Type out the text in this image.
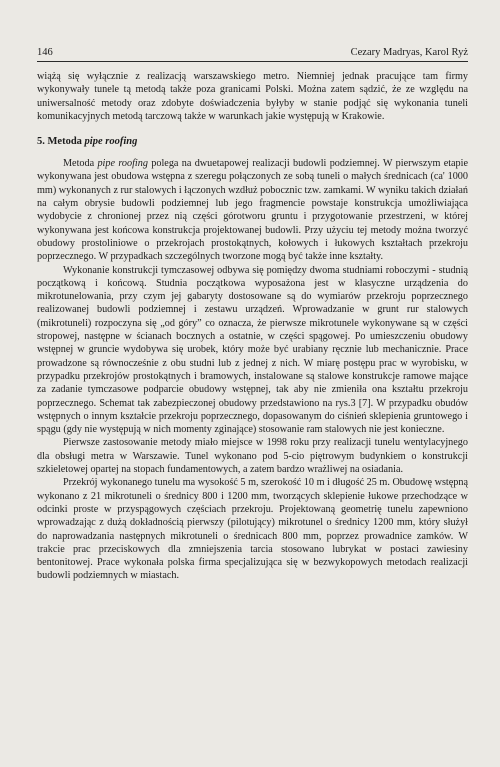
146	Cezary Madryas, Karol Ryż

wiążą się wyłącznie z realizacją warszawskiego metro. Niemniej jednak pracujące tam firmy wykonywały tunele tą metodą także poza granicami Polski. Można zatem sądzić, że ze względu na uniwersalność metody oraz zdobyte doświadczenia byłyby w stanie podjąć się wykonania tuneli komunikacyjnych metodą tarczową także w warunkach jakie występują w Krakowie.

5. Metoda pipe roofing

Metoda pipe roofing polega na dwuetapowej realizacji budowli podziemnej. W pierwszym etapie wykonywana jest obudowa wstępna z szeregu połączonych ze sobą tuneli o małych średnicach (ca' 1000 mm) wykonanych z rur stalowych i łączonych wzdłuż pobocznic tzw. zamkami. W wyniku takich działań na całym obrysie budowli podziemnej lub jego fragmencie powstaje konstrukcja umożliwiająca wydobycie z chronionej przez nią części górotworu gruntu i przygotowanie przestrzeni, w której wykonywana jest końcowa konstrukcja projektowanej budowli. Przy użyciu tej metody można tworzyć obudowy prostoliniowe o przekrojach prostokątnych, kołowych i łukowych kształtach przekroju poprzecznego. W przypadkach szczególnych tworzone mogą być także inne kształty.

Wykonanie konstrukcji tymczasowej odbywa się pomiędzy dwoma studniami roboczymi - studnią początkową i końcową. Studnia początkowa wyposażona jest w klasyczne urządzenia do mikrotunelowania, przy czym jej gabaryty dostosowane są do wymiarów przekroju poprzecznego realizowanej budowli podziemnej i zestawu urządzeń. Wprowadzanie w grunt rur stalowych (mikrotuneli) rozpoczyna się „od góry” co oznacza, że pierwsze mikrotunele wykonywane są w części stropowej, następne w ścianach bocznych a ostatnie, w części spągowej. Po umieszczeniu obudowy wstępnej w gruncie wydobywa się urobek, który może być urabiany ręcznie lub mechanicznie. Prace prowadzone są równocześnie z obu studni lub z jednej z nich. W miarę postępu prac w wyrobisku, w przypadku przekrojów prostokątnych i bramowych, instalowane są stalowe konstrukcje ramowe mające za zadanie tymczasowe podparcie obudowy wstępnej, tak aby nie zmieniła ona kształtu przekroju poprzecznego. Schemat tak zabezpieczonej obudowy przedstawiono na rys.3 [7]. W przypadku obudów wstępnych o innym kształcie przekroju poprzecznego, dopasowanym do ciśnień sklepienia gruntowego i spągu (gdy nie występują w nich momenty zginające) stosowanie ram stalowych nie jest konieczne.

Pierwsze zastosowanie metody miało miejsce w 1998 roku przy realizacji tunelu wentylacyjnego dla obsługi metra w Warszawie. Tunel wykonano pod 5-cio piętrowym budynkiem o konstrukcji szkieletowej opartej na stopach fundamentowych, a zatem bardzo wrażliwej na osiadania.

Przekrój wykonanego tunelu ma wysokość 5 m, szerokość 10 m i długość 25 m. Obudowę wstępną wykonano z 21 mikrotuneli o średnicy 800 i 1200 mm, tworzących sklepienie łukowe przechodzące w odcinki proste w przyspągowych częściach przekroju. Projektowaną geometrię tunelu zapewniono wprowadzając z dużą dokładnością pierwszy (pilotujący) mikrotunel o średnicy 1200 mm, który służył do naprowadzania następnych mikrotuneli o średnicach 800 mm, poprzez prowadnice zamków. W trakcie prac przeciskowych dla zmniejszenia tarcia stosowano lubrykat w postaci zawiesiny bentonitowej. Prace wykonała polska firma specjalizująca się w bezwykopowych metodach realizacji budowli podziemnych w miastach.
